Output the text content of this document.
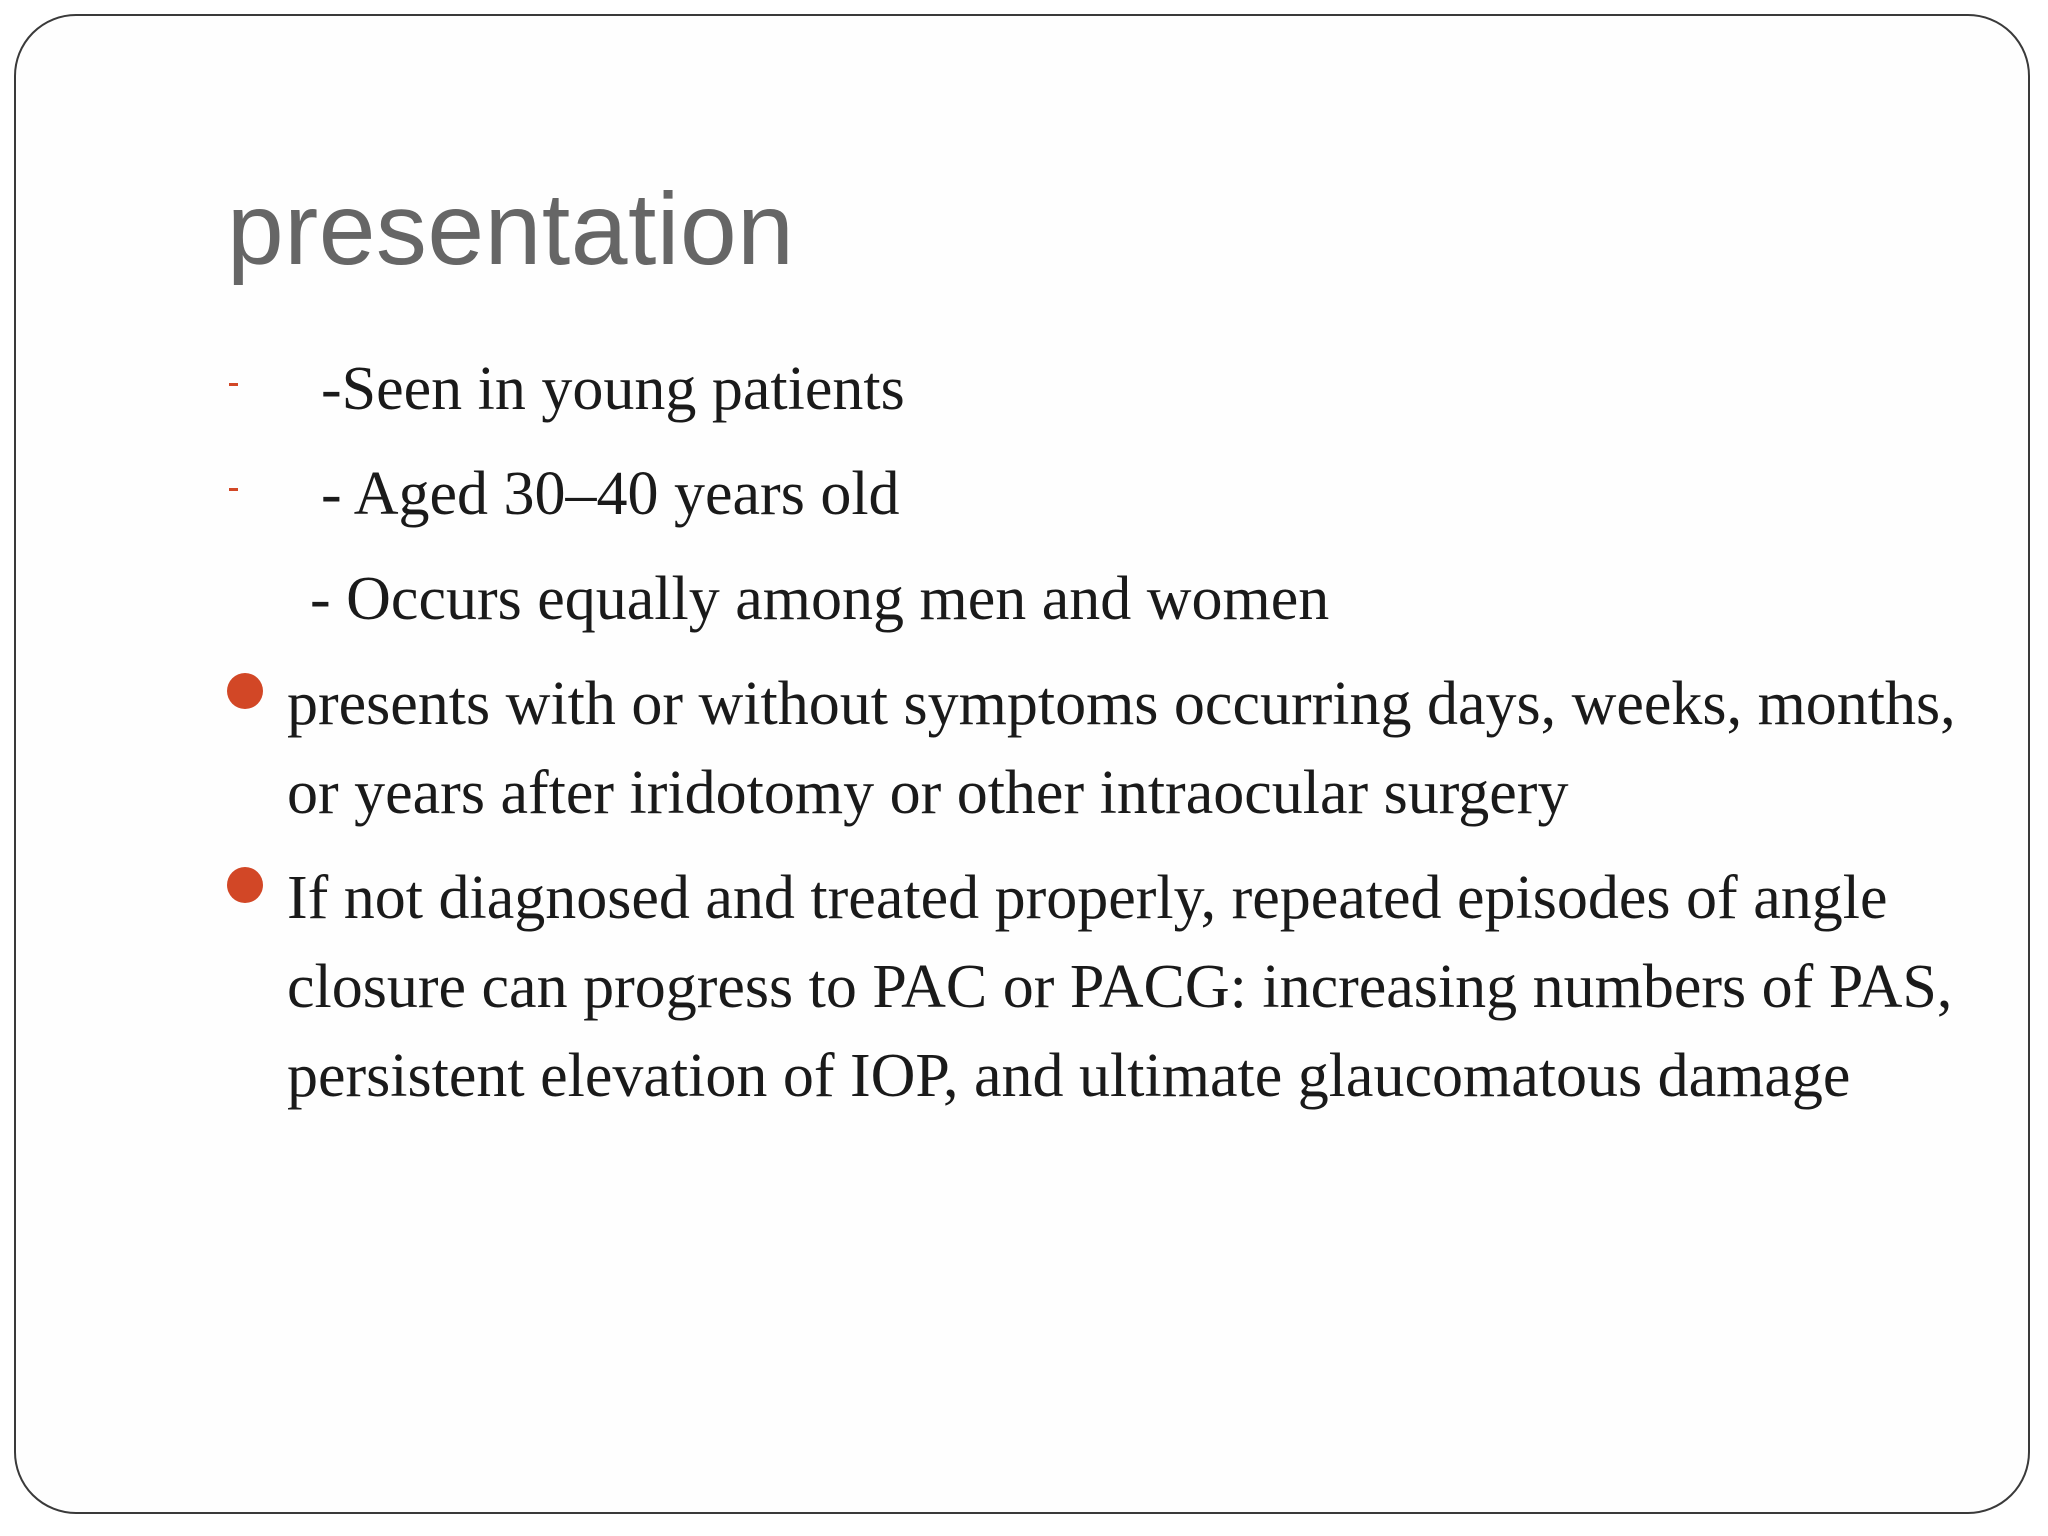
presentation
-Seen in young patients
- Aged 30–40 years old
- Occurs equally among men and women
presents with or without symptoms occurring days, weeks, months, or years after iridotomy or other intraocular surgery
If not diagnosed and treated properly, repeated episodes of angle closure can progress to PAC or PACG: increasing numbers of PAS, persistent elevation of IOP, and ultimate glaucomatous damage
